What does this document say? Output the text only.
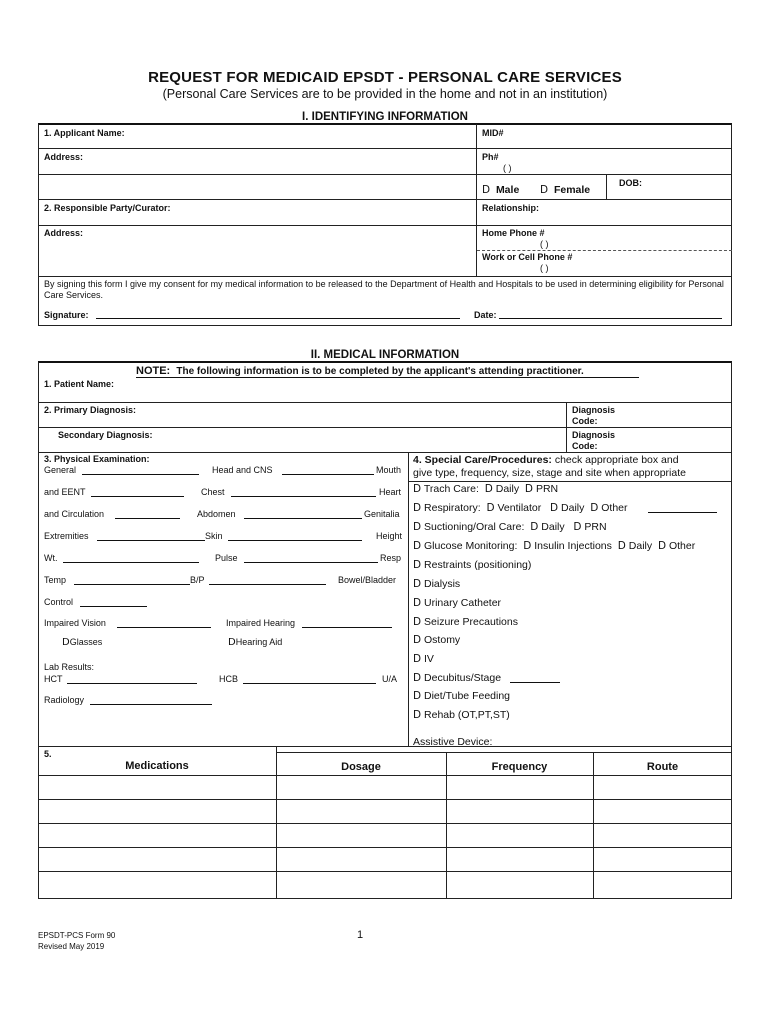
REQUEST FOR MEDICAID EPSDT - PERSONAL CARE SERVICES
(Personal Care Services are to be provided in the home and not in an institution)
I. IDENTIFYING INFORMATION
1. Applicant Name:	MID#
Address:	Ph#
( )
D Male D Female
DOB:
2. Responsible Party/Curator:	Relationship:
Address:	Home Phone #
( )
Work or Cell Phone #
( )
By signing this form I give my consent for my medical information to be released to the Department of Health and Hospitals to be used in determining eligibility for Personal Care Services.
Signature:	Date:
II. MEDICAL INFORMATION
NOTE: The following information is to be completed by the applicant's attending practitioner.
1. Patient Name:
2. Primary Diagnosis:	Diagnosis
Code:
Secondary Diagnosis:	Diagnosis
Code:
3. Physical Examination:
General	Head and CNS	Mouth
and EENT	Chest	Heart
and Circulation	Abdomen	Genitalia
Extremities	Skin	Height
Wt.	Pulse	Resp
Temp	B/P	Bowel/Bladder
Control
Impaired Vision	Impaired Hearing
DGlasses	DHearing Aid
Lab Results:
HCT	HCB	U/A
Radiology
4. Special Care/Procedures: check appropriate box and
give type, frequency, size, stage and site when appropriate
D Trach Care: D Daily D PRN
D Respiratory: D Ventilator D Daily D Other
D Suctioning/Oral Care: D Daily D PRN
D Glucose Monitoring: D Insulin Injections D Daily D Other
D Restraints (positioning)
D Dialysis
D Urinary Catheter
D Seizure Precautions
D Ostomy
D IV
D Decubitus/Stage
D Diet/Tube Feeding
D Rehab (OT,PT,ST)
Assistive Device:
5.
Medications	Dosage	Frequency	Route
EPSDT-PCS Form 90
Revised May 2019
1
